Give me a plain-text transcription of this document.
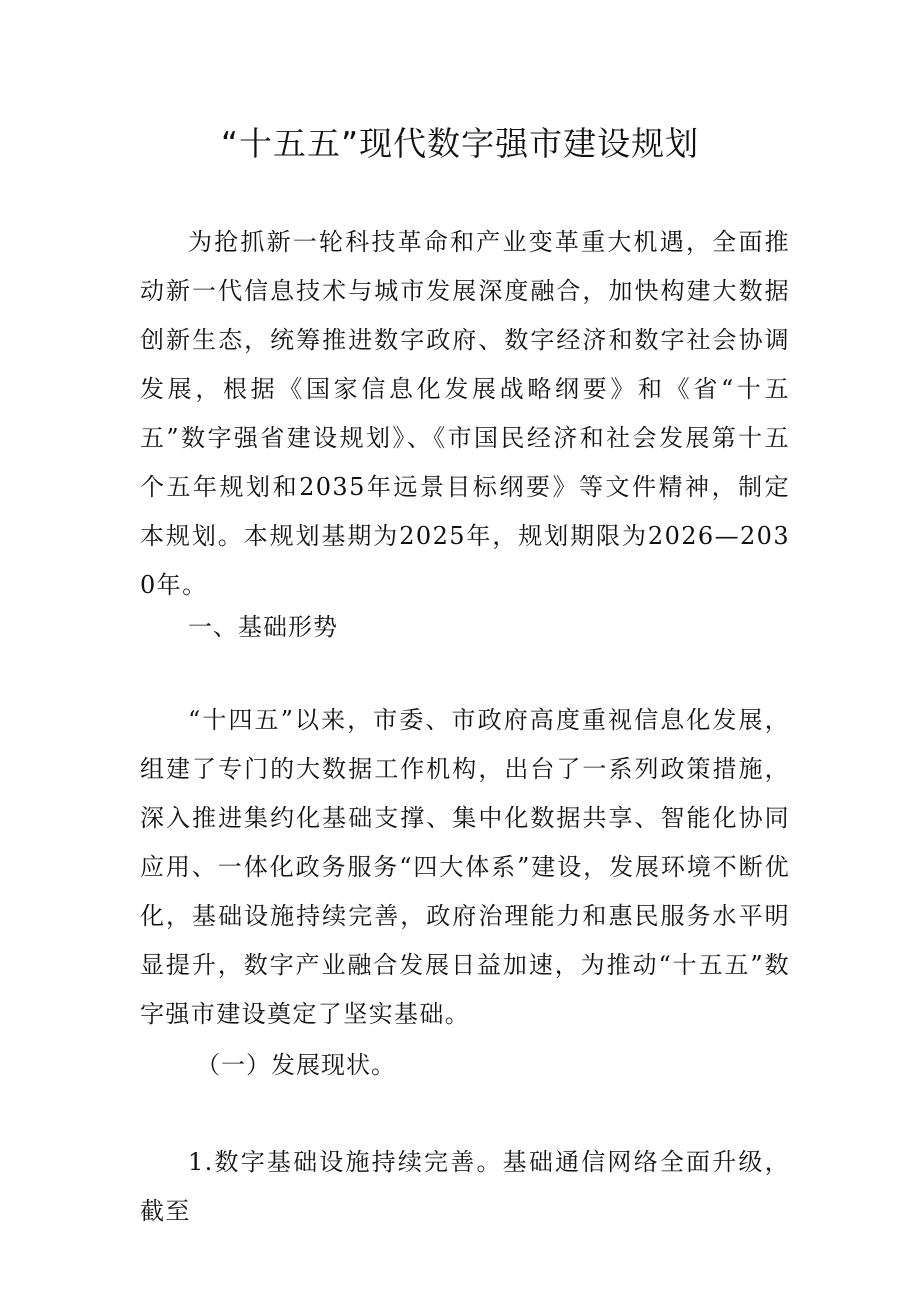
“十五五”现代数字强市建设规划

为抢抓新一轮科技革命和产业变革重大机遇，全面推动新一代信息技术与城市发展深度融合，加快构建大数据创新生态，统筹推进数字政府、数字经济和数字社会协调发展，根据《国家信息化发展战略纲要》和《省“十五五”数字强省建设规划》、《市国民经济和社会发展第十五个五年规划和2035年远景目标纲要》等文件精神，制定本规划。本规划基期为2025年，规划期限为2026—2030年。

一、基础形势

“十四五”以来，市委、市政府高度重视信息化发展，组建了专门的大数据工作机构，出台了一系列政策措施，深入推进集约化基础支撑、集中化数据共享、智能化协同应用、一体化政务服务“四大体系”建设，发展环境不断优化，基础设施持续完善，政府治理能力和惠民服务水平明显提升，数字产业融合发展日益加速，为推动“十五五”数字强市建设奠定了坚实基础。

（一）发展现状。

1.数字基础设施持续完善。基础通信网络全面升级，截至
